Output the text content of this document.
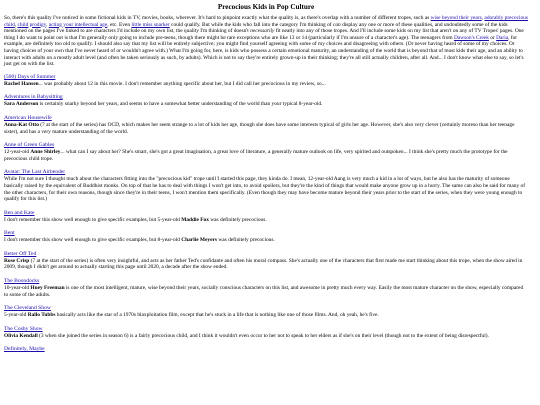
Precocious Kids in Pop Culture

So, there's this quality I've noticed in some fictional kids in TV, movies, books, wherever. It's hard to pinpoint exactly what the quality is, as there's overlap with a number of different tropes, such as wise beyond their years, adorably precocious child, child prodigy, acting your intellectual age, etc. Even little miss snarker could qualify. But while the kids who fall into the category I'm thinking of can display any one or more of these qualities, and undoubtedly some of the kids mentioned on the pages I've linked to are characters I'd include on my own list, the quality I'm thinking of doesn't necessarily fit neatly into any of those tropes. And I'll include some kids on my list that aren't on any of TV Tropes' pages. One thing I do want to point out is that I'm generally only going to include pre-teens, though there might be rare exceptions who are like 13 or 14 (particularly if I'm unsure of a character's age). The teenagers from Dawson's Creek or Daria, for example, are definitely too old to qualify. I should also say that my list will be entirely subjective; you might find yourself agreeing with some of my choices and disagreeing with others. (Or never having heard of some of my choices. Or having choices of your own that I've never heard of or wouldn't agree with.) What I'm going for, here, is kids who possess a certain emotional maturity, an understanding of the world that is beyond that of most kids their age, and an ability to interact with adults on a mostly adult level (and often be taken seriously as such, by adults). Which is not to say they're entirely grown-up in their thinking; they're all still actually children, after all. And... I don't know what else to say, so let's just get on with the list.

(500) Days of Summer

Rachel Hansen... was probably about 12 in this movie. I don't remember anything specific about her, but I did call her precocious in my review, so...

Adventures in Babysitting

Sara Anderson is certainly snarky beyond her years, and seems to have a somewhat better understanding of the world than your typical 8-year-old.

American Housewife

Anna-Kat Otto (7 at the start of the series) has OCD, which makes her seem strange to a lot of kids her age, though she does have some interests typical of girls her age. However, she's also very clever (certainly moreso than her teenage sister), and has a very mature understanding of the world.

Anne of Green Gables

12-year-old Anne Shirley... what can I say about her? She's smart, she's got a great imagination, a great love of literature, a generally mature outlook on life, very spirited and outspoken... I think she's pretty much the prototype for the precocious child trope.

Avatar: The Last Airbender

While I'm not sure I thought much about the characters fitting into the "precocious kid" trope until I started this page, they kinda do. I mean, 12-year-old Aang is very much a kid in a lot of ways, but he also has the maturity of someone basically raised by the equivalent of Buddhist monks. On top of that he has to deal with things I won't get into, to avoid spoilers, but they're the kind of things that would make anyone grow up in a hurry. The same can also be said for many of the other characters, for their own reasons, though since they're in their teens, I won't mention them specifically. (Even though they may have become mature beyond their years prior to the start of the series, when they were young enough to qualify for this list.)

Ben and Kate

I don't remember this show well enough to give specific examples, but 5-year-old Maddie Fox was definitely precocious.

Bent

I don't remember this show well enough to give specific examples, but 8-year-old Charlie Meyers was definitely precocious.

Better Off Ted

Rose Crisp (7 at the start of the series) is often very insightful, and acts as her father Ted's confidante and often his moral compass. She's actually one of the characters that first made me start thinking about this trope, when the show aired in 2009, though I didn't get around to actually starting this page until 2020, a decade after the show ended.

The Boondocks

10-year-old Huey Freeman is one of the most intelligent, mature, wise beyond their years, socially conscious characters on this list, and awesome in pretty much every way. Easily the most mature character on the show, especially compared to some of the adults.

The Cleveland Show

5-year-old Rallo Tubbs basically acts like the star of a 1970s blaxploitation film, except that he's stuck in a life that is nothing like one of those films. And, oh yeah, he's five.

The Cosby Show

Olivia Kendall (3 when she joined the series in season 6) is a fairly precocious child, and I think it wouldn't even occur to her not to speak to her elders as if she's on their level (though not to the extent of being disrespectful).

Definitely, Maybe
